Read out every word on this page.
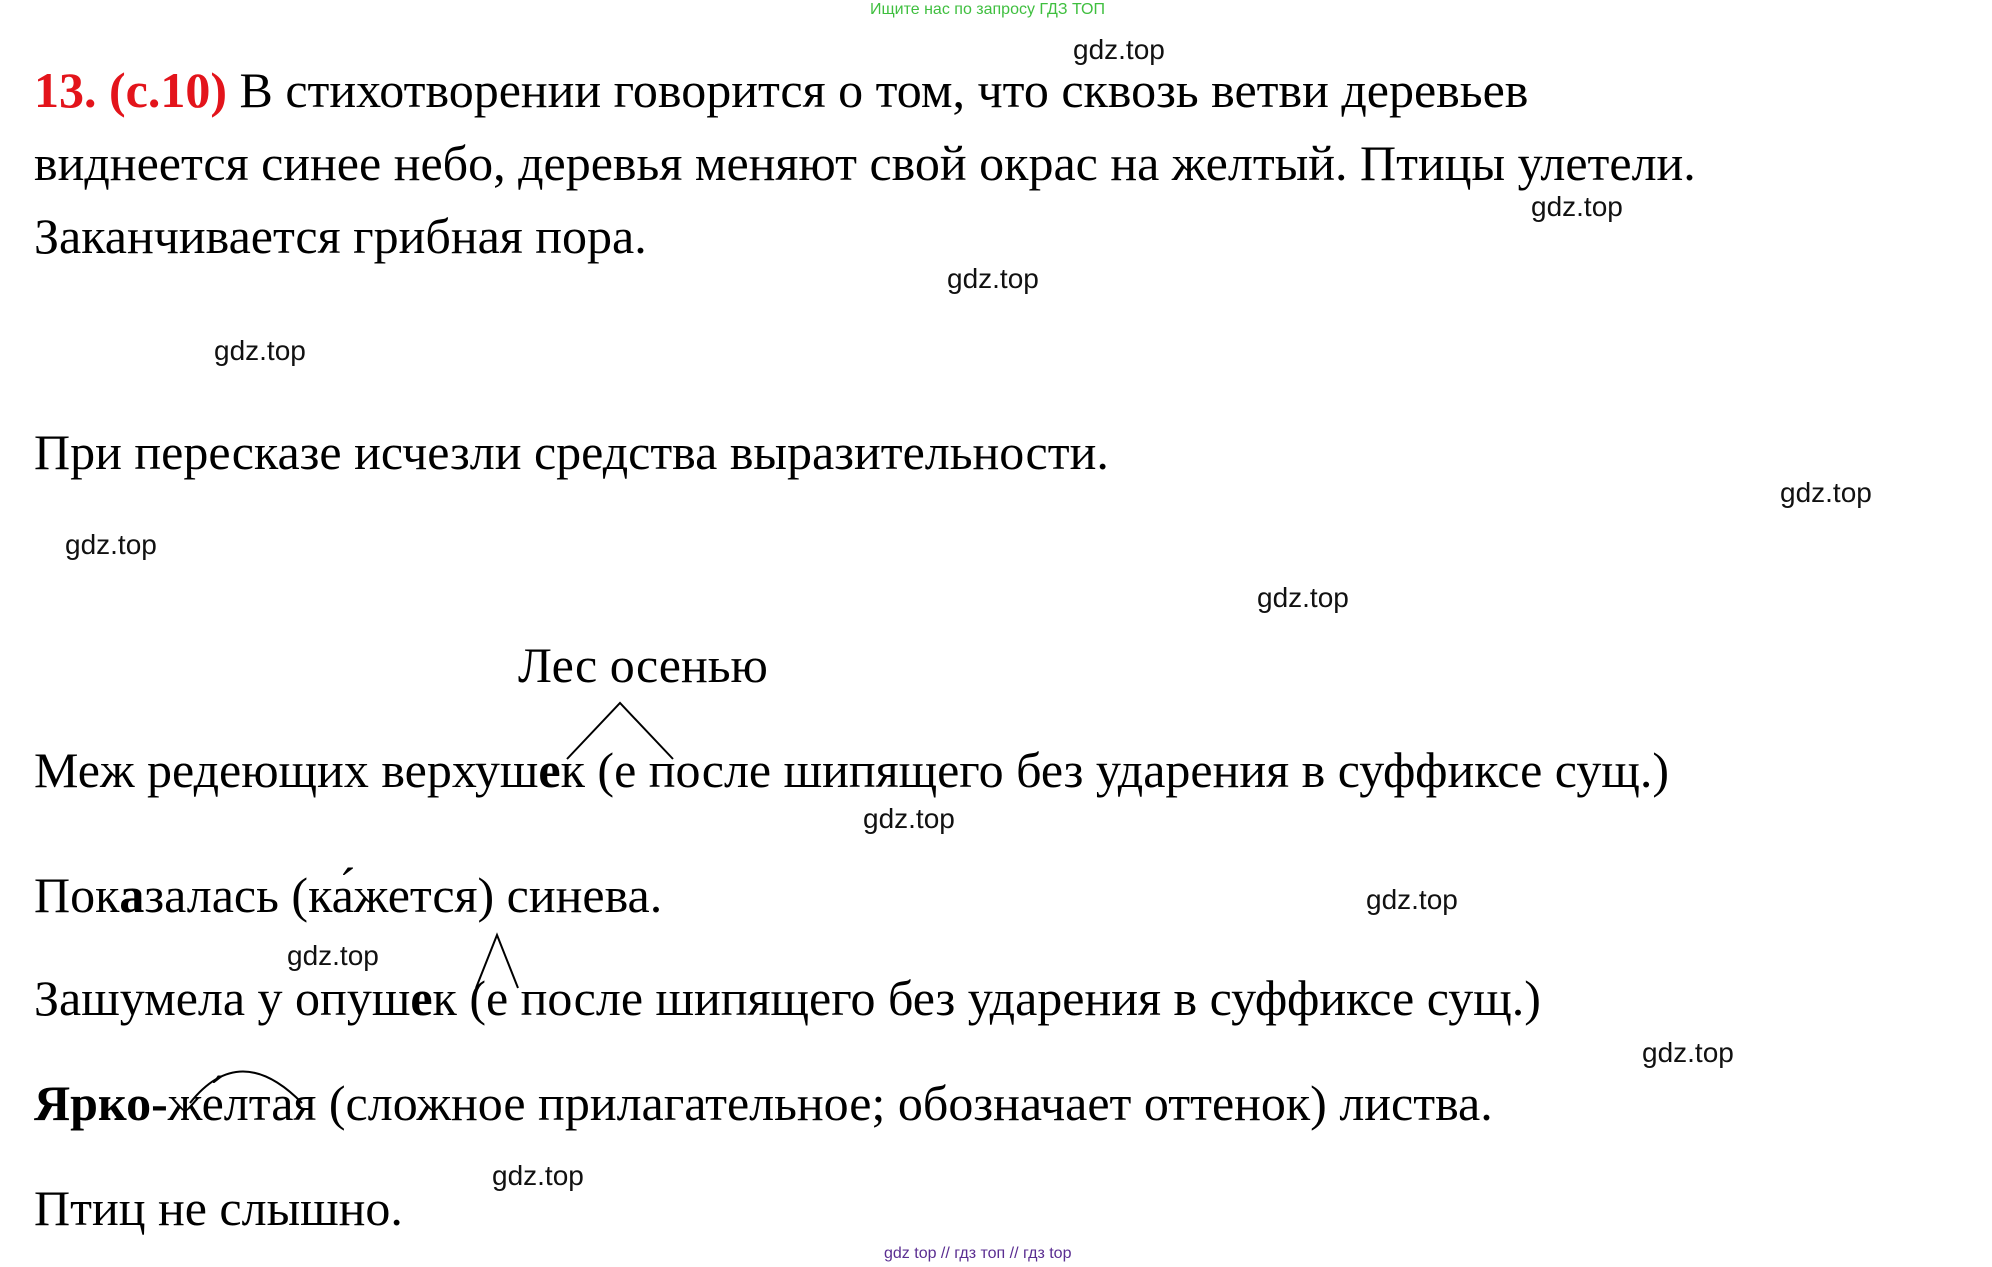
Ищите нас по запросу ГДЗ ТОП
gdz.top
gdz.top
gdz.top
gdz.top
gdz.top
gdz.top
gdz.top
gdz.top
gdz.top
gdz.top
gdz.top
gdz.top
13. (с.10) В стихотворении говорится о том, что сквозь ветви деревьев
виднеется синее небо, деревья меняют свой окрас на желтый. Птицы улетели.
Заканчивается грибная пора.
При пересказе исчезли средства выразительности.
Лес осенью
Меж редеющих верхушек (е после шипящего без ударения в суффиксе сущ.)
Показалась (ка́жется) синева.
Зашумела у опушек (е после шипящего без ударения в суффиксе сущ.)
Ярко-же́лтая (сложное прилагательное; обозначает оттенок) листва.
Птиц не слышно.
gdz top // гдз топ // гдз top
